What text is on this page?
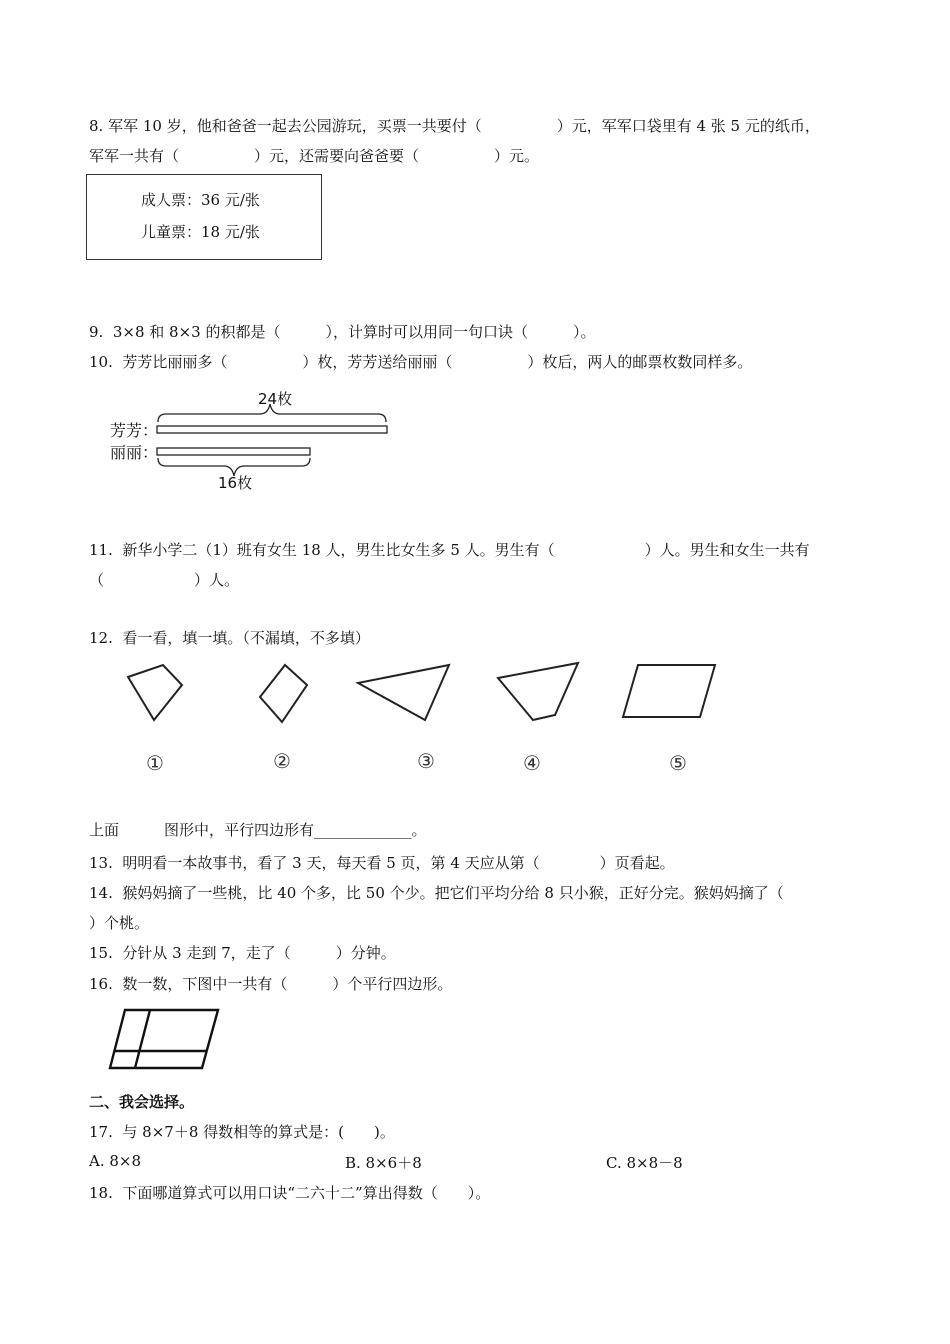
8. 军军 10 岁，他和爸爸一起去公园游玩，买票一共要付（　　　　　）元，军军口袋里有 4 张 5 元的纸币，
军军一共有（　　　　　）元，还需要向爸爸要（　　　　　）元。
成人票：36 元/张
儿童票：18 元/张
9.  3×8 和 8×3 的积都是（　　　），计算时可以用同一句口诀（　　　）。
10.  芳芳比丽丽多（　　　　　）枚，芳芳送给丽丽（　　　　　）枚后，两人的邮票枚数同样多。
24枚
芳芳：
丽丽：
16枚
11.  新华小学二（1）班有女生 18 人，男生比女生多 5 人。男生有（　　　　　　）人。男生和女生一共有
（　　　　　　）人。
12.  看一看，填一填。（不漏填，不多填）
①	②	③	④	⑤
上面　　　图形中，平行四边形有_____________。
13.  明明看一本故事书，看了 3 天，每天看 5 页，第 4 天应从第（　　　　）页看起。
14.  猴妈妈摘了一些桃，比 40 个多，比 50 个少。把它们平均分给 8 只小猴，正好分完。猴妈妈摘了（
）个桃。
15.  分针从 3 走到 7，走了（　　　）分钟。
16.  数一数，下图中一共有（　　　）个平行四边形。
二、我会选择。
17.  与 8×7＋8 得数相等的算式是：(　　)。
A. 8×8	B. 8×6＋8	C. 8×8－8
18.  下面哪道算式可以用口诀“二六十二”算出得数（　　）。
